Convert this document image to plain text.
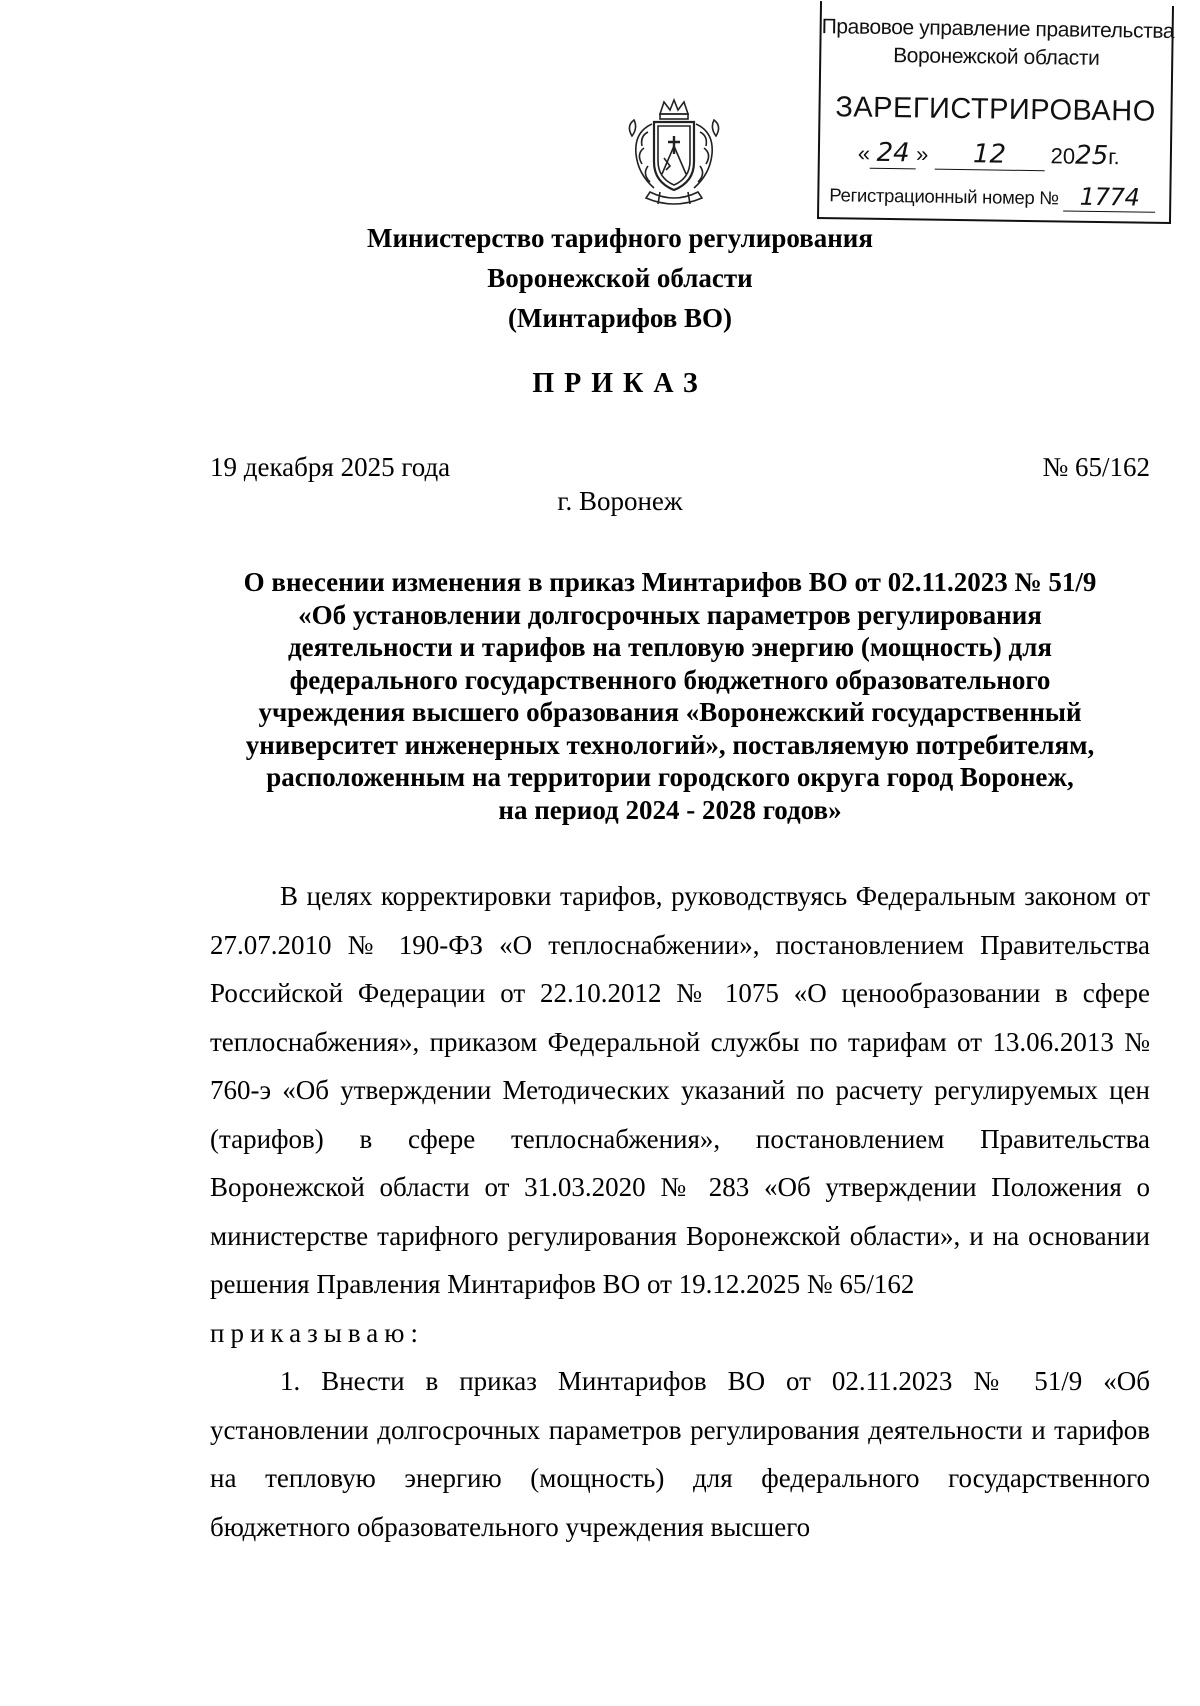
Правовое управление правительства
Воронежской области
ЗАРЕГИСТРИРОВАНО
« 24 » 12 2025г.
Регистрационный номер № 1774
Министерство тарифного регулирования
Воронежской области
(Минтарифов ВО)
ПРИКАЗ
19 декабря 2025 года	№ 65/162
г. Воронеж
О внесении изменения в приказ Минтарифов ВО от 02.11.2023 № 51/9
«Об установлении долгосрочных параметров регулирования
деятельности и тарифов на тепловую энергию (мощность) для
федерального государственного бюджетного образовательного
учреждения высшего образования «Воронежский государственный
университет инженерных технологий», поставляемую потребителям,
расположенным на территории городского округа город Воронеж,
на период 2024 - 2028 годов»

В целях корректировки тарифов, руководствуясь Федеральным законом от 27.07.2010 № 190-ФЗ «О теплоснабжении», постановлением Правительства Российской Федерации от 22.10.2012 № 1075 «О ценообразовании в сфере теплоснабжения», приказом Федеральной службы по тарифам от 13.06.2013 № 760-э «Об утверждении Методических указаний по расчету регулируемых цен (тарифов) в сфере теплоснабжения», постановлением Правительства Воронежской области от 31.03.2020 № 283 «Об утверждении Положения о министерстве тарифного регулирования Воронежской области», и на основании решения Правления Минтарифов ВО от 19.12.2025 № 65/162

приказываю:

1. Внести в приказ Минтарифов ВО от 02.11.2023 № 51/9 «Об установлении долгосрочных параметров регулирования деятельности и тарифов на тепловую энергию (мощность) для федерального государственного бюджетного образовательного учреждения высшего
